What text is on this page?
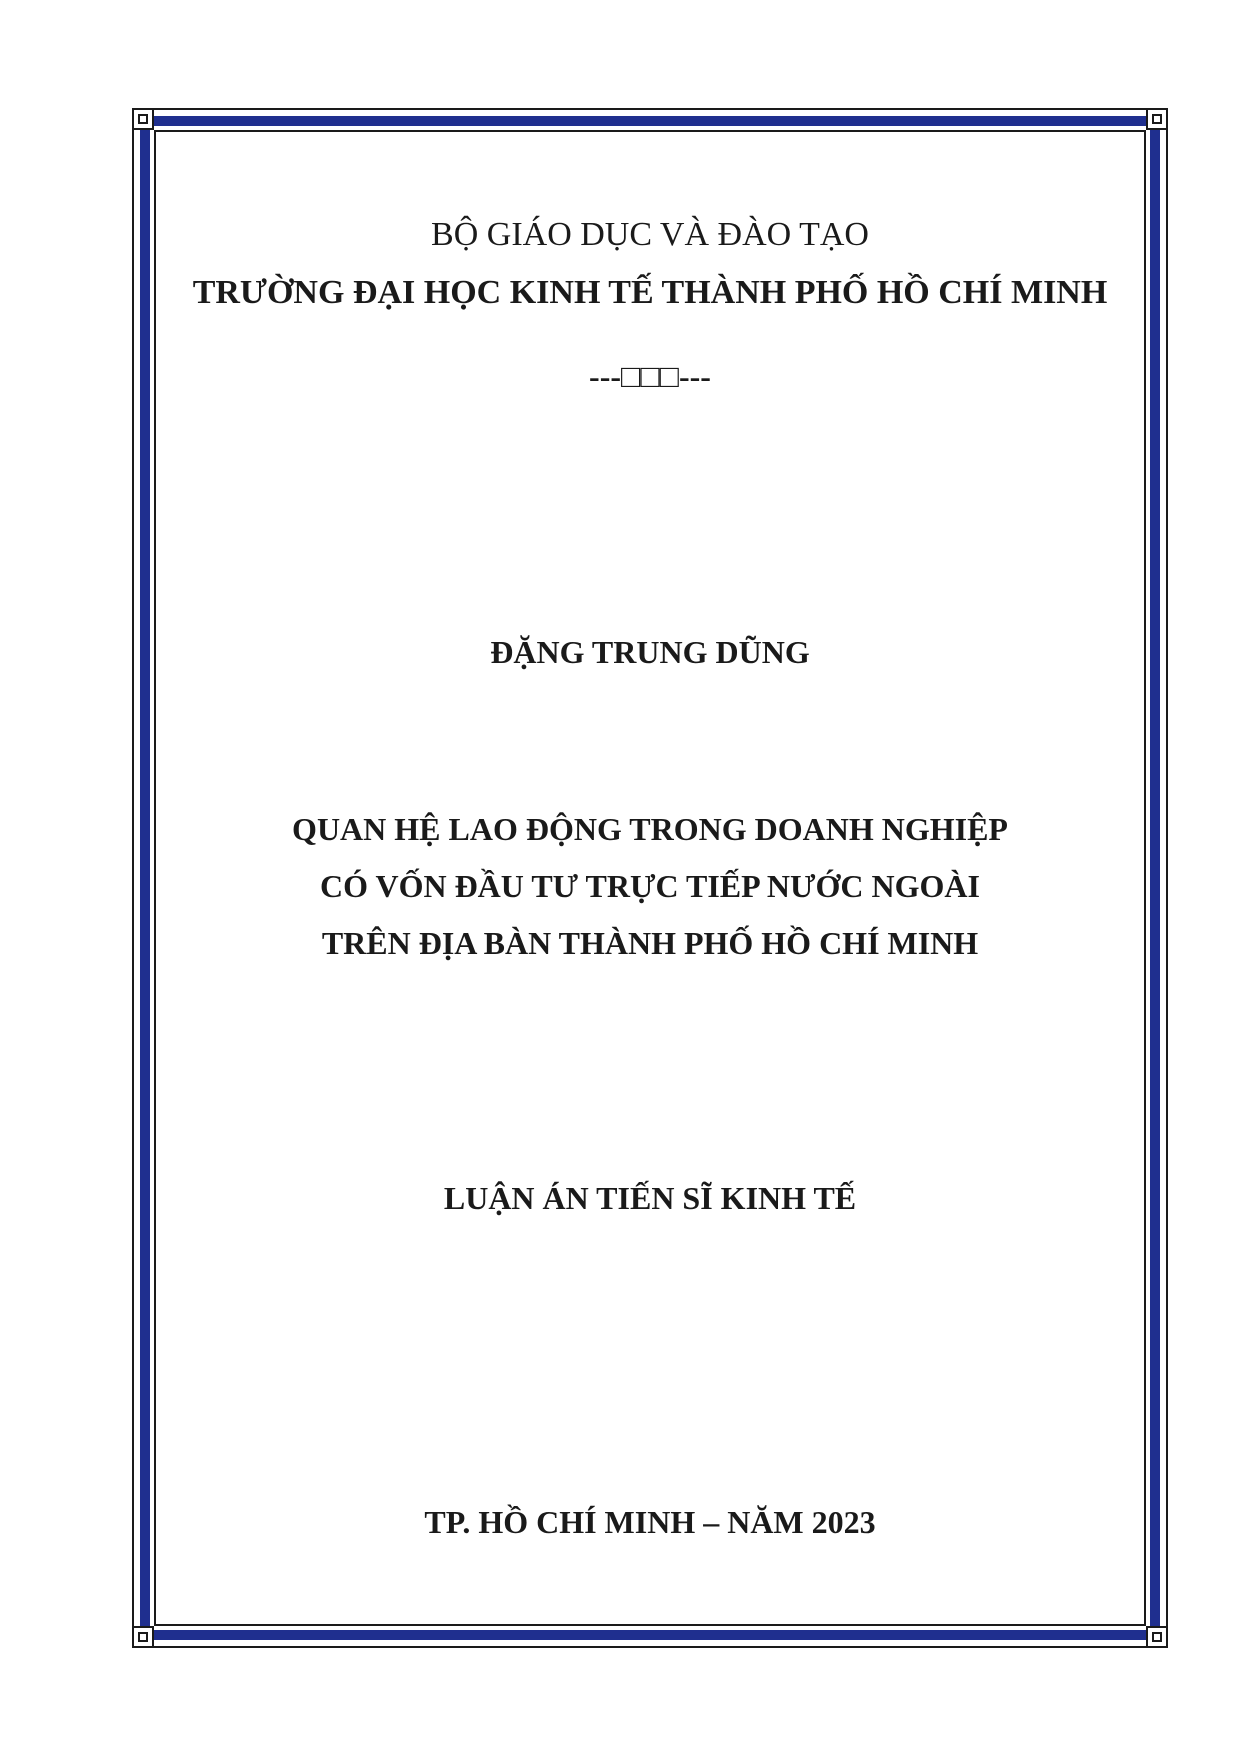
BỘ GIÁO DỤC VÀ ĐÀO TẠO
TRƯỜNG ĐẠI HỌC KINH TẾ THÀNH PHỐ HỒ CHÍ MINH
---□□□---
ĐẶNG TRUNG DŨNG
QUAN HỆ LAO ĐỘNG TRONG DOANH NGHIỆP
CÓ VỐN ĐẦU TƯ TRỰC TIẾP NƯỚC NGOÀI
TRÊN ĐỊA BÀN THÀNH PHỐ HỒ CHÍ MINH
LUẬN ÁN TIẾN SĨ KINH TẾ
TP. HỒ CHÍ MINH – NĂM 2023
